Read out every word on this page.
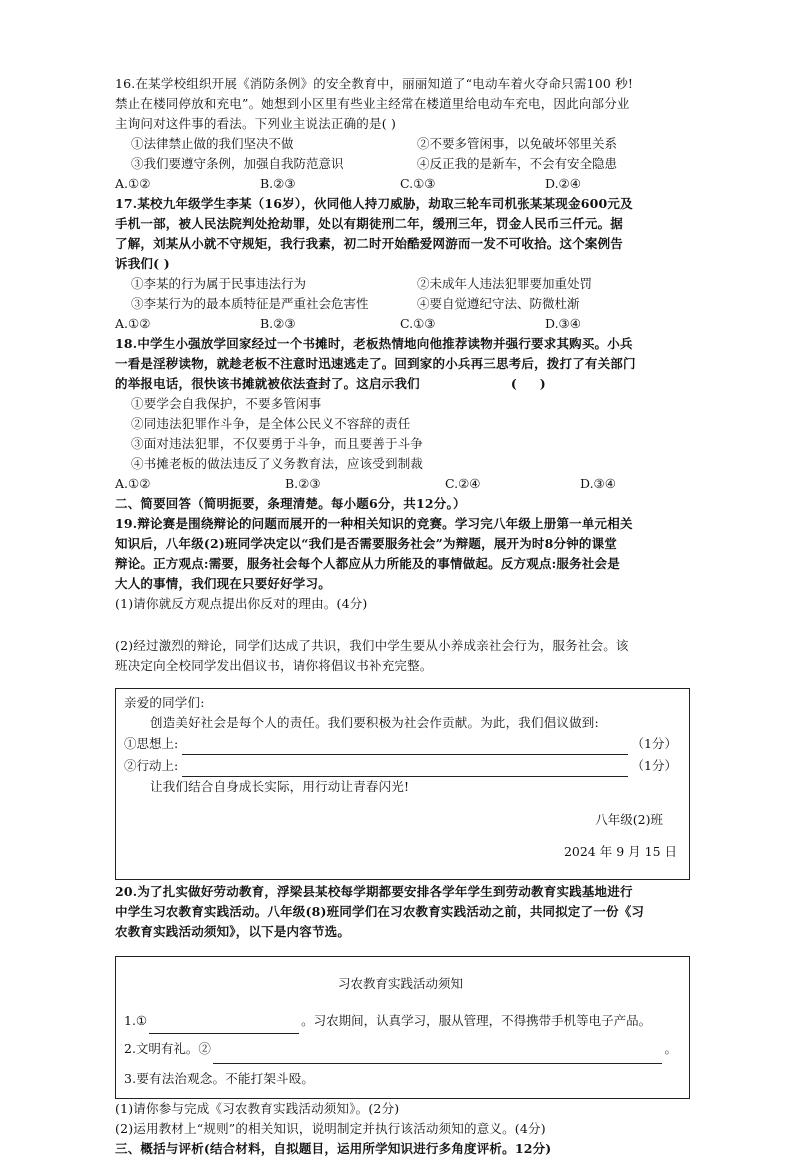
16.在某学校组织开展《消防条例》的安全教育中，丽丽知道了“电动车着火夺命只需100 秒!

禁止在楼同停放和充电”。她想到小区里有些业主经常在楼道里给电动车充电，因此向部分业

主询问对这件事的看法。下列业主说法正确的是( )

①法律禁止做的我们坚决不做	②不要多管闲事，以免破坏邻里关系
③我们要遵守条例，加强自我防范意识	④反正我的是新车，不会有安全隐患
A.①②	B.②③	C.①③	D.②④

17.某校九年级学生李某（16岁），伙同他人持刀威胁，劫取三轮车司机张某某现金600元及

手机一部，被人民法院判处抢劫罪，处以有期徒刑二年，缓刑三年，罚金人民币三仟元。据

了解，刘某从小就不守规矩，我行我素，初二时开始酷爱网游而一发不可收拾。这个案例告

诉我们( )

①李某的行为属于民事违法行为	②未成年人违法犯罪要加重处罚
③李某行为的最本质特征是严重社会危害性	④要自觉遵纪守法、防微杜渐
A.①②	B.②③	C.①③	D.③④

18.中学生小强放学回家经过一个书摊时，老板热情地向他推荐读物并强行要求其购买。小兵

一看是淫秽读物，就趁老板不注意时迅速逃走了。回到家的小兵再三思考后，拨打了有关部门

的举报电话，很快该书摊就被依法查封了。这启示我们                    (     )

①要学会自我保护，不要多管闲事

②同违法犯罪作斗争，是全体公民义不容辞的责任

③面对违法犯罪，不仅要勇于斗争，而且要善于斗争

④书摊老板的做法违反了义务教育法，应该受到制裁

A.①②	B.②③	C.②④	D.③④

二、简要回答（简明扼要，条理清楚。每小题6分，共12分。）

19.辩论赛是围绕辩论的问题而展开的一种相关知识的竞赛。学习完八年级上册第一单元相关

知识后，八年级(2)班同学决定以“我们是否需要服务社会”为辩题，展开为时8分钟的课堂

辩论。正方观点:需要，服务社会每个人都应从力所能及的事情做起。反方观点:服务社会是

大人的事情，我们现在只要好好学习。

(1)请你就反方观点提出你反对的理由。(4分)

(2)经过激烈的辩论，同学们达成了共识，我们中学生要从小养成亲社会行为，服务社会。该

班决定向全校同学发出倡议书，请你将倡议书补充完整。

亲爱的同学们:

创造美好社会是每个人的责任。我们要积极为社会作贡献。为此，我们倡议做到:

①思想上:	（1分）
②行动上:	（1分）

让我们结合自身成长实际，用行动让青春闪光!

八年级(2)班

2024 年 9 月 15 日

20.为了扎实做好劳动教育，浮梁县某校每学期都要安排各学年学生到劳动教育实践基地进行

中学生习农教育实践活动。八年级(8)班同学们在习农教育实践活动之前，共同拟定了一份《习

农教育实践活动须知》，以下是内容节选。

习农教育实践活动须知

1.①	。习农期间，认真学习，服从管理，不得携带手机等电子产品。
2.文明有礼。②	。

3.要有法治观念。不能打架斗殴。

(1)请你参与完成《习农教育实践活动须知》。(2分)

(2)运用教材上“规则”的相关知识，说明制定并执行该活动须知的意义。(4分)

三、概括与评析(结合材料，自拟题目，运用所学知识进行多角度评析。12分)
